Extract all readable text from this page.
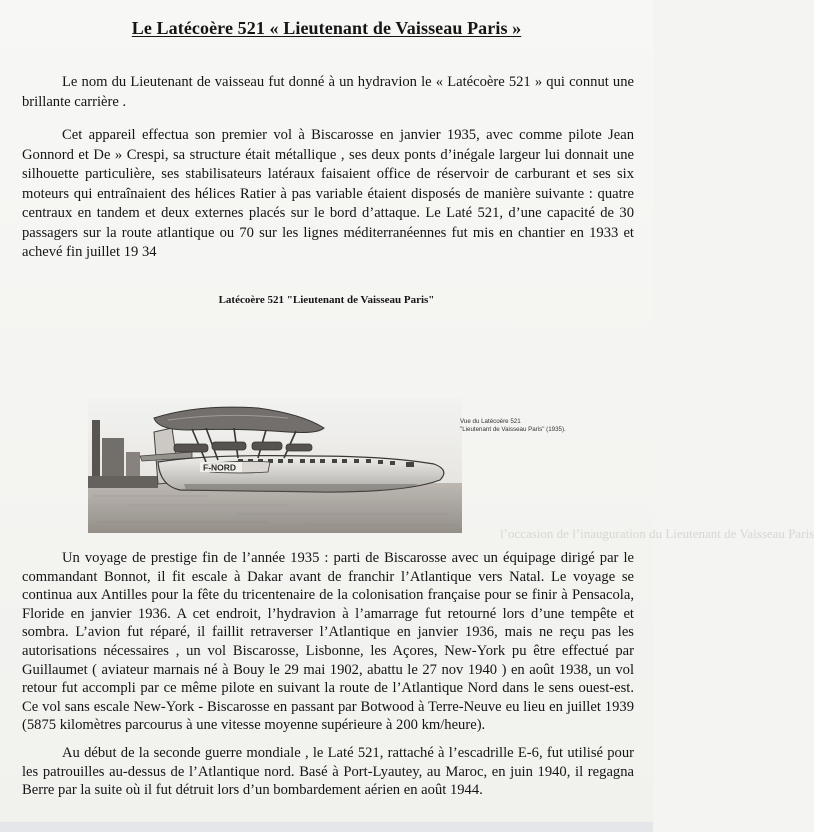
Le Latécoère 521 « Lieutenant de Vaisseau Paris »

Le nom du Lieutenant de vaisseau fut donné à un hydravion le « Latécoère 521 » qui connut une brillante carrière .

Cet appareil effectua son premier vol à Biscarosse en janvier 1935, avec comme pilote Jean Gonnord et De » Crespi, sa structure était métallique , ses deux ponts d’inégale largeur lui donnait une silhouette particulière, ses stabilisateurs latéraux faisaient office de réservoir de carburant et ses six moteurs qui entraînaient des hélices Ratier à pas variable étaient disposés de manière suivante : quatre centraux en tandem et deux externes placés sur le bord d’attaque. Le Laté 521, d’une capacité de 30 passagers sur la route atlantique ou 70 sur les lignes méditerranéennes fut mis en chantier en 1933 et achevé fin juillet 19 34

Latécoère 521 "Lieutenant de Vaisseau Paris"
F-NORD
Vue du Latécoère 521
"Lieutenant de Vaisseau Paris" (1935).
l’occasion de l’inauguration du Lieutenant de Vaisseau Paris

Un voyage de prestige fin de l’année 1935 : parti de Biscarosse avec un équipage dirigé par le commandant Bonnot, il fit escale à Dakar avant de franchir l’Atlantique vers Natal. Le voyage se continua aux Antilles pour la fête du tricentenaire de la colonisation française pour se finir à Pensacola, Floride en janvier 1936. A cet endroit, l’hydravion à l’amarrage fut retourné lors d’une tempête et sombra. L’avion fut réparé, il faillit retraverser l’Atlantique en janvier 1936, mais ne reçu pas les autorisations nécessaires , un vol Biscarosse, Lisbonne, les Açores, New-York pu être effectué par Guillaumet ( aviateur marnais né à Bouy le 29 mai 1902, abattu le 27 nov 1940 ) en août 1938, un vol retour fut accompli par ce même pilote en suivant la route de l’Atlantique Nord dans le sens ouest-est. Ce vol sans escale New-York - Biscarosse en passant par Botwood à Terre-Neuve eu lieu en juillet 1939 (5875 kilomètres parcourus à une vitesse moyenne supérieure à 200 km/heure).

Au début de la seconde guerre mondiale , le Laté 521, rattaché à l’escadrille E-6, fut utilisé pour les patrouilles au-dessus de l’Atlantique nord. Basé à Port-Lyautey, au Maroc, en juin 1940, il regagna Berre par la suite où il fut détruit lors d’un bombardement aérien en août 1944.
